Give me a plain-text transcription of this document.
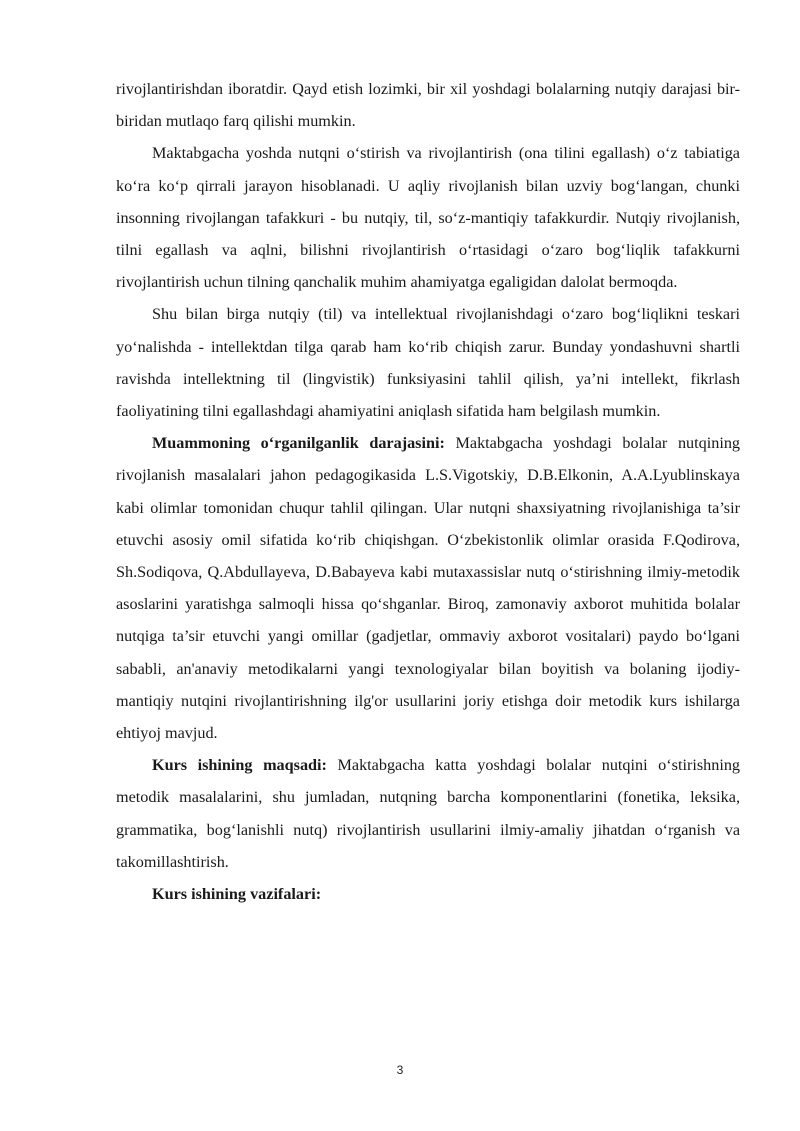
rivojlantirishdan iboratdir. Qayd etish lozimki, bir xil yoshdagi bolalarning nutqiy darajasi bir-biridan mutlaqo farq qilishi mumkin.

Maktabgacha yoshda nutqni o‘stirish va rivojlantirish (ona tilini egallash) o‘z tabiatiga ko‘ra ko‘p qirrali jarayon hisoblanadi. U aqliy rivojlanish bilan uzviy bog‘langan, chunki insonning rivojlangan tafakkuri - bu nutqiy, til, so‘z-mantiqiy tafakkurdir. Nutqiy rivojlanish, tilni egallash va aqlni, bilishni rivojlantirish o‘rtasidagi o‘zaro bog‘liqlik tafakkurni rivojlantirish uchun tilning qanchalik muhim ahamiyatga egaligidan dalolat bermoqda.

Shu bilan birga nutqiy (til) va intellektual rivojlanishdagi o‘zaro bog‘liqlikni teskari yo‘nalishda - intellektdan tilga qarab ham ko‘rib chiqish zarur. Bunday yondashuvni shartli ravishda intellektning til (lingvistik) funksiyasini tahlil qilish, ya’ni intellekt, fikrlash faoliyatining tilni egallashdagi ahamiyatini aniqlash sifatida ham belgilash mumkin.

Muammoning o‘rganilganlik darajasini: Maktabgacha yoshdagi bolalar nutqining rivojlanish masalalari jahon pedagogikasida L.S.Vigotskiy, D.B.Elkonin, A.A.Lyublinskaya kabi olimlar tomonidan chuqur tahlil qilingan. Ular nutqni shaxsiyatning rivojlanishiga ta’sir etuvchi asosiy omil sifatida ko‘rib chiqishgan. O‘zbekistonlik olimlar orasida F.Qodirova, Sh.Sodiqova, Q.Abdullayeva, D.Babayeva kabi mutaxassislar nutq o‘stirishning ilmiy-metodik asoslarini yaratishga salmoqli hissa qo‘shganlar. Biroq, zamonaviy axborot muhitida bolalar nutqiga ta’sir etuvchi yangi omillar (gadjetlar, ommaviy axborot vositalari) paydo bo‘lgani sababli, an'anaviy metodikalarni yangi texnologiyalar bilan boyitish va bolaning ijodiy-mantiqiy nutqini rivojlantirishning ilg'or usullarini joriy etishga doir metodik kurs ishilarga ehtiyoj mavjud.

Kurs ishining maqsadi: Maktabgacha katta yoshdagi bolalar nutqini o‘stirishning metodik masalalarini, shu jumladan, nutqning barcha komponentlarini (fonetika, leksika, grammatika, bog‘lanishli nutq) rivojlantirish usullarini ilmiy-amaliy jihatdan o‘rganish va takomillashtirish.

Kurs ishining vazifalari:

3
